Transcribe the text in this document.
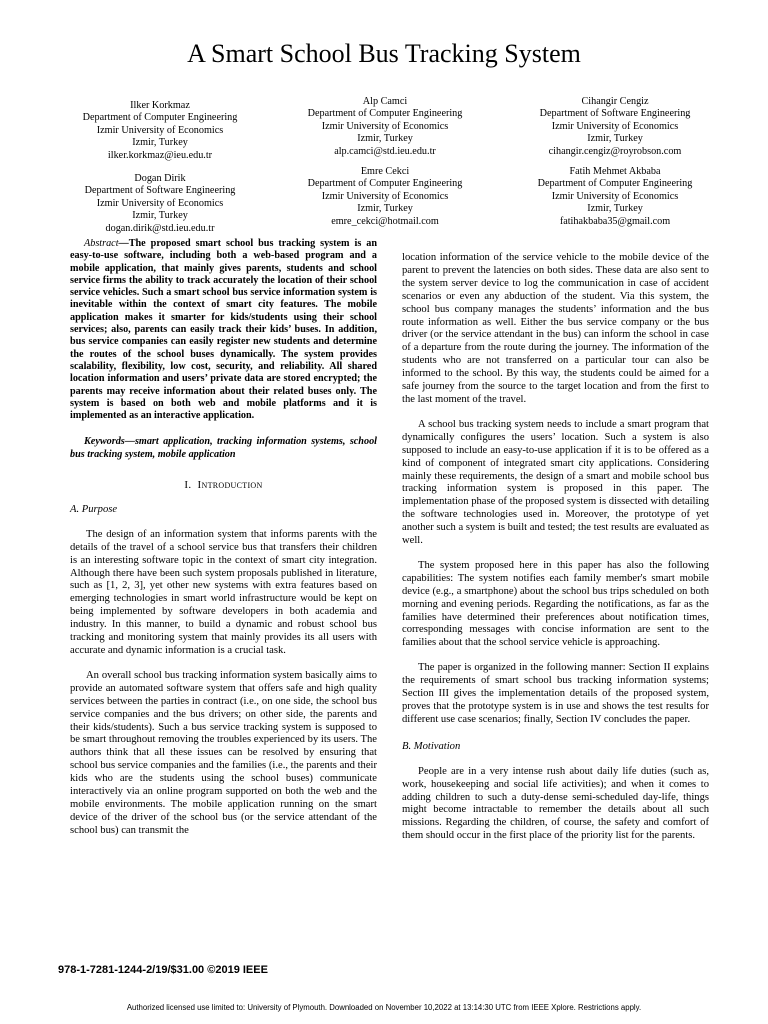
A Smart School Bus Tracking System
Ilker Korkmaz
Department of Computer Engineering
Izmir University of Economics
Izmir, Turkey
ilker.korkmaz@ieu.edu.tr
Alp Camci
Department of Computer Engineering
Izmir University of Economics
Izmir, Turkey
alp.camci@std.ieu.edu.tr
Cihangir Cengiz
Department of Software Engineering
Izmir University of Economics
Izmir, Turkey
cihangir.cengiz@royrobson.com
Dogan Dirik
Department of Software Engineering
Izmir University of Economics
Izmir, Turkey
dogan.dirik@std.ieu.edu.tr
Emre Cekci
Department of Computer Engineering
Izmir University of Economics
Izmir, Turkey
emre_cekci@hotmail.com
Fatih Mehmet Akbaba
Department of Computer Engineering
Izmir University of Economics
Izmir, Turkey
fatihakbaba35@gmail.com

Abstract—The proposed smart school bus tracking system is an easy-to-use software, including both a web-based program and a mobile application, that mainly gives parents, students and school service firms the ability to track accurately the location of their school service vehicles. Such a smart school bus service information system is inevitable within the context of smart city features. The mobile application makes it smarter for kids/students using their school services; also, parents can easily track their kids’ buses. In addition, bus service companies can easily register new students and determine the routes of the school buses dynamically. The system provides scalability, flexibility, low cost, security, and reliability. All shared location information and users’ private data are stored encrypted; the parents may receive information about their related buses only. The system is based on both web and mobile platforms and it is implemented as an interactive application.

Keywords—smart application, tracking information systems, school bus tracking system, mobile application

I. Introduction

A. Purpose

The design of an information system that informs parents with the details of the travel of a school service bus that transfers their children is an interesting software topic in the context of smart city integration. Although there have been such system proposals published in literature, such as [1, 2, 3], yet other new systems with extra features based on emerging technologies in smart world infrastructure would be kept on being implemented by software developers in both academia and industry. In this manner, to build a dynamic and robust school bus tracking and monitoring system that mainly provides its all users with accurate and dynamic information is a crucial task.

An overall school bus tracking information system basically aims to provide an automated software system that offers safe and high quality services between the parties in contract (i.e., on one side, the school bus service companies and the bus drivers; on other side, the parents and their kids/students). Such a bus service tracking system is supposed to be smart throughout removing the troubles experienced by its users. The authors think that all these issues can be resolved by ensuring that school bus service companies and the families (i.e., the parents and their kids who are the students using the school buses) communicate interactively via an online program supported on both the web and the mobile environments. The mobile application running on the smart device of the driver of the school bus (or the service attendant of the school bus) can transmit the

location information of the service vehicle to the mobile device of the parent to prevent the latencies on both sides. These data are also sent to the system server device to log the communication in case of accident scenarios or even any abduction of the student. Via this system, the school bus company manages the students’ information and the bus route information as well. Either the bus service company or the bus driver (or the service attendant in the bus) can inform the school in case of a departure from the route during the journey. The information of the students who are not transferred on a particular tour can also be informed to the school. By this way, the students could be aimed for a safe journey from the source to the target location and from the first to the last moment of the travel.

A school bus tracking system needs to include a smart program that dynamically configures the users’ location. Such a system is also supposed to include an easy-to-use application if it is to be offered as a kind of component of integrated smart city applications. Considering mainly these requirements, the design of a smart and mobile school bus tracking information system is proposed in this paper. The implementation phase of the proposed system is dissected with detailing the software technologies used in. Moreover, the prototype of yet another such a system is built and tested; the test results are evaluated as well.

The system proposed here in this paper has also the following capabilities: The system notifies each family member's smart mobile device (e.g., a smartphone) about the school bus trips scheduled on both morning and evening periods. Regarding the notifications, as far as the families have determined their preferences about notification times, corresponding messages with concise information are sent to the families about that the school service vehicle is approaching.

The paper is organized in the following manner: Section II explains the requirements of smart school bus tracking information systems; Section III gives the implementation details of the proposed system, proves that the prototype system is in use and shows the test results for different use case scenarios; finally, Section IV concludes the paper.

B. Motivation

People are in a very intense rush about daily life duties (such as, work, housekeeping and social life activities); and when it comes to adding children to such a duty-dense semi-scheduled day-life, things might become intractable to remember the details about all such missions. Regarding the children, of course, the safety and comfort of them should occur in the first place of the priority list for the parents.

978-1-7281-1244-2/19/$31.00 ©2019 IEEE
Authorized licensed use limited to: University of Plymouth. Downloaded on November 10,2022 at 13:14:30 UTC from IEEE Xplore. Restrictions apply.
